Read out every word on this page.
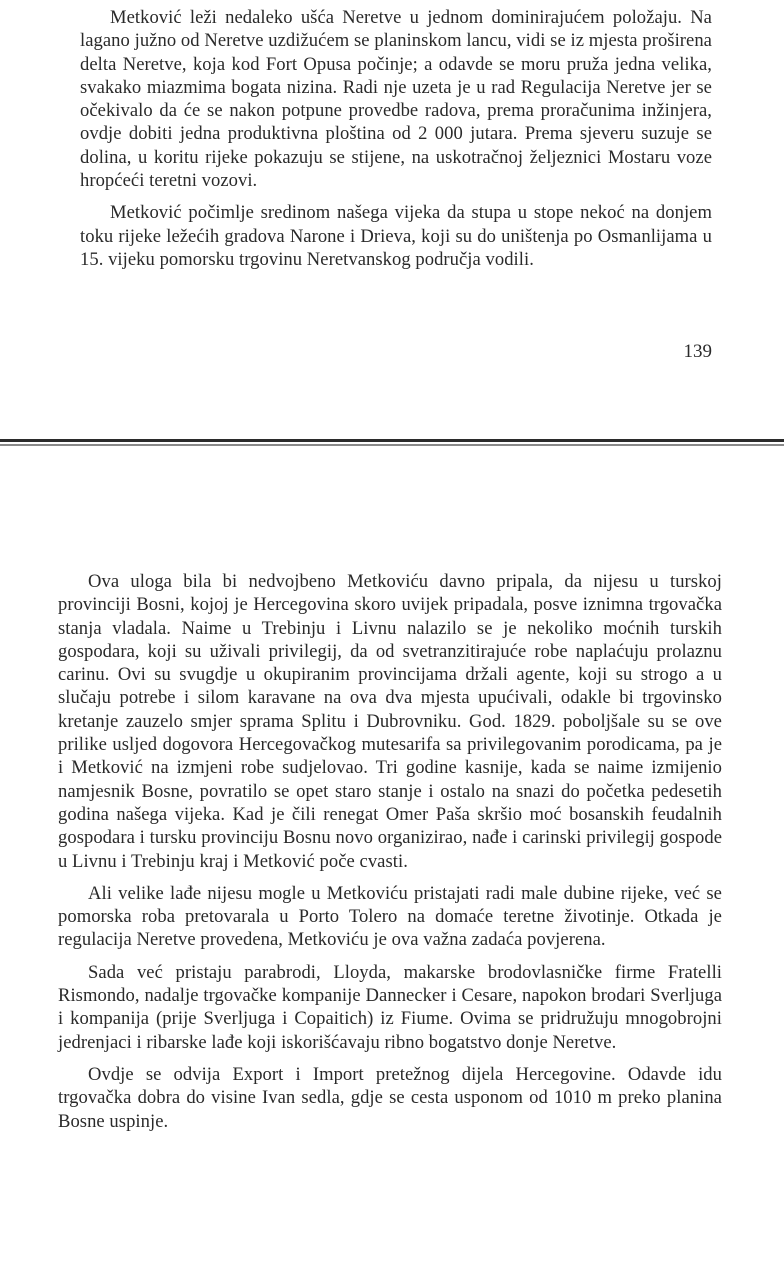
Metković leži nedaleko ušća Neretve u jednom dominirajućem položaju. Na lagano južno od Neretve uzdižućem se planinskom lancu, vidi se iz mjesta proširena delta Neretve, koja kod Fort Opusa počinje; a odavde se moru pruža jedna velika, svakako miazmima bogata nizina. Radi nje uzeta je u rad Regulacija Neretve jer se očekivalo da će se nakon potpune provedbe radova, prema proračunima inžinjera, ovdje dobiti jedna produktivna ploština od 2 000 jutara. Prema sjeveru suzuje se dolina, u koritu rijeke pokazuju se stijene, na uskotračnoj željeznici Mostaru voze hropćeći teretni vozovi.

Metković počimlje sredinom našega vijeka da stupa u stope nekoć na donjem toku rijeke ležećih gradova Narone i Drieva, koji su do uništenja po Osmanlijama u 15. vijeku pomorsku trgovinu Neretvanskog područja vodili.

139

Ova uloga bila bi nedvojbeno Metkoviću davno pripala, da nijesu u turskoj provinciji Bosni, kojoj je Hercegovina skoro uvijek pripadala, posve iznimna trgovačka stanja vladala. Naime u Trebinju i Livnu nalazilo se je nekoliko moćnih turskih gospodara, koji su uživali privilegij, da od svetranzitirajuće robe naplaćuju prolaznu carinu. Ovi su svugdje u okupiranim provincijama držali agente, koji su strogo a u slučaju potrebe i silom karavane na ova dva mjesta upućivali, odakle bi trgovinsko kretanje zauzelo smjer sprama Splitu i Dubrovniku. God. 1829. poboljšale su se ove prilike usljed dogovora Hercegovačkog mutesarifa sa privilegovanim porodicama, pa je i Metković na izmjeni robe sudjelovao. Tri godine kasnije, kada se naime izmijenio namjesnik Bosne, povratilo se opet staro stanje i ostalo na snazi do početka pedesetih godina našega vijeka. Kad je čili renegat Omer Paša skršio moć bosanskih feudalnih gospodara i tursku provinciju Bosnu novo organizirao, nađe i carinski privilegij gospode u Livnu i Trebinju kraj i Metković poče cvasti.

Ali velike lađe nijesu mogle u Metkoviću pristajati radi male dubine rijeke, već se pomorska roba pretovarala u Porto Tolero na domaće teretne životinje. Otkada je regulacija Neretve provedena, Metkoviću je ova važna zadaća povjerena.

Sada već pristaju parabrodi, Lloyda, makarske brodovlasničke firme Fratelli Rismondo, nadalje trgovačke kompanije Dannecker i Cesare, napokon brodari Sverljuga i kompanija (prije Sverljuga i Copaitich) iz Fiume. Ovima se pridružuju mnogobrojni jedrenjaci i ribarske lađe koji iskorišćavaju ribno bogatstvo donje Neretve.

Ovdje se odvija Export i Import pretežnog dijela Hercegovine. Odavde idu trgovačka dobra do visine Ivan sedla, gdje se cesta usponom od 1010 m preko planina Bosne uspinje.
